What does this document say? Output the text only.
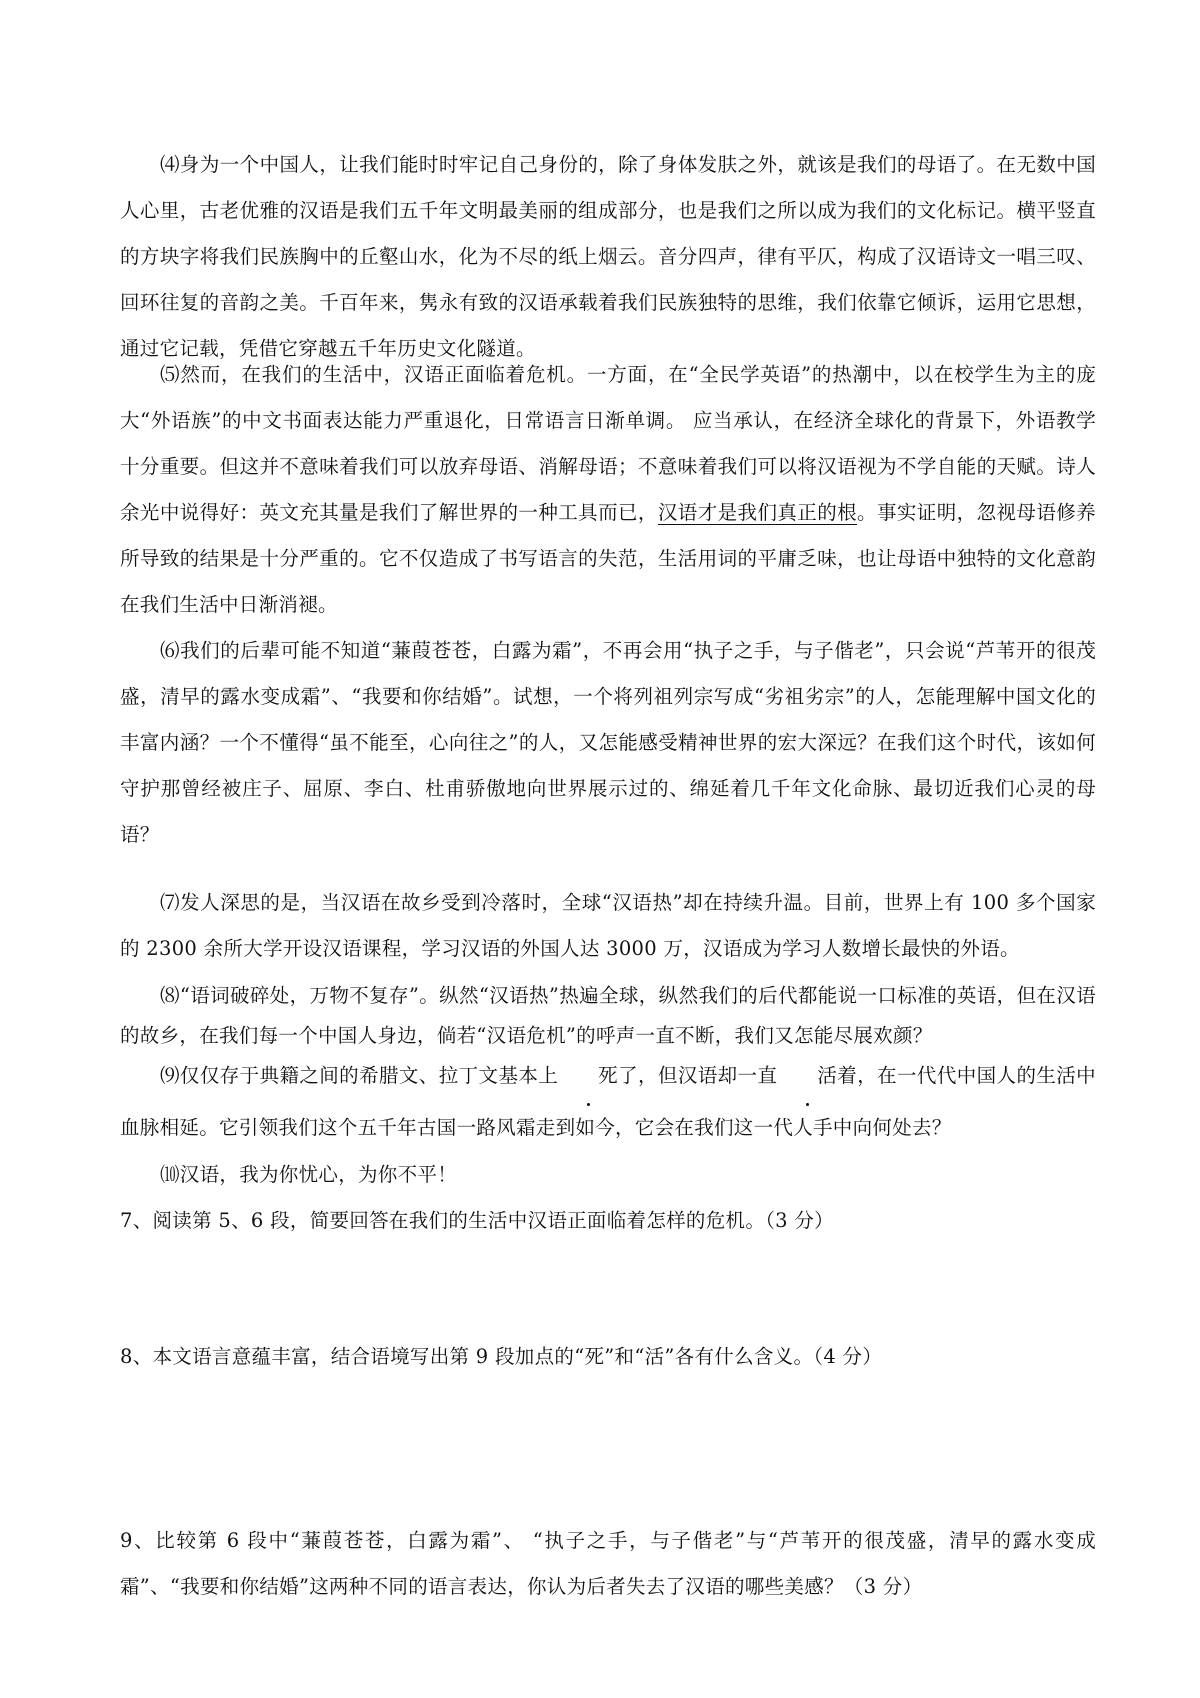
⑷身为一个中国人，让我们能时时牢记自己身份的，除了身体发肤之外，就该是我们的母语了。在无数中国人心里，古老优雅的汉语是我们五千年文明最美丽的组成部分，也是我们之所以成为我们的文化标记。横平竖直的方块字将我们民族胸中的丘壑山水，化为不尽的纸上烟云。音分四声，律有平仄，构成了汉语诗文一唱三叹、回环往复的音韵之美。千百年来，隽永有致的汉语承载着我们民族独特的思维，我们依靠它倾诉，运用它思想，通过它记载，凭借它穿越五千年历史文化隧道。

⑸然而，在我们的生活中，汉语正面临着危机。一方面，在“全民学英语”的热潮中，以在校学生为主的庞大“外语族”的中文书面表达能力严重退化，日常语言日渐单调。 应当承认，在经济全球化的背景下，外语教学十分重要。但这并不意味着我们可以放弃母语、消解母语；不意味着我们可以将汉语视为不学自能的天赋。诗人余光中说得好：英文充其量是我们了解世界的一种工具而已，汉语才是我们真正的根。事实证明，忽视母语修养所导致的结果是十分严重的。它不仅造成了书写语言的失范，生活用词的平庸乏味，也让母语中独特的文化意韵在我们生活中日渐消褪。

⑹我们的后辈可能不知道“蒹葭苍苍，白露为霜”，不再会用“执子之手，与子偕老”，只会说“芦苇开的很茂盛，清早的露水变成霜”、“我要和你结婚”。试想，一个将列祖列宗写成“劣祖劣宗”的人，怎能理解中国文化的丰富内涵？一个不懂得“虽不能至，心向往之”的人，又怎能感受精神世界的宏大深远？在我们这个时代，该如何守护那曾经被庄子、屈原、李白、杜甫骄傲地向世界展示过的、绵延着几千年文化命脉、最切近我们心灵的母语？

⑺发人深思的是，当汉语在故乡受到冷落时，全球“汉语热”却在持续升温。目前，世界上有 100 多个国家的 2300 余所大学开设汉语课程，学习汉语的外国人达 3000 万，汉语成为学习人数增长最快的外语。

⑻“语词破碎处，万物不复存”。纵然“汉语热”热遍全球，纵然我们的后代都能说一口标准的英语，但在汉语的故乡，在我们每一个中国人身边，倘若“汉语危机”的呼声一直不断，我们又怎能尽展欢颜？

⑼仅仅存于典籍之间的希腊文、拉丁文基本上 死了，但汉语却一直 活着，在一代代中国人的生活中血脉相延。它引领我们这个五千年古国一路风霜走到如今，它会在我们这一代人手中向何处去？

⑽汉语，我为你忧心，为你不平！

7、阅读第 5、6 段，简要回答在我们的生活中汉语正面临着怎样的危机。（3 分）

8、本文语言意蕴丰富，结合语境写出第 9 段加点的“死”和“活”各有什么含义。（4 分）

9、比较第 6 段中“蒹葭苍苍，白露为霜”、 “执子之手，与子偕老”与“芦苇开的很茂盛，清早的露水变成霜”、“我要和你结婚”这两种不同的语言表达，你认为后者失去了汉语的哪些美感？（3 分）
